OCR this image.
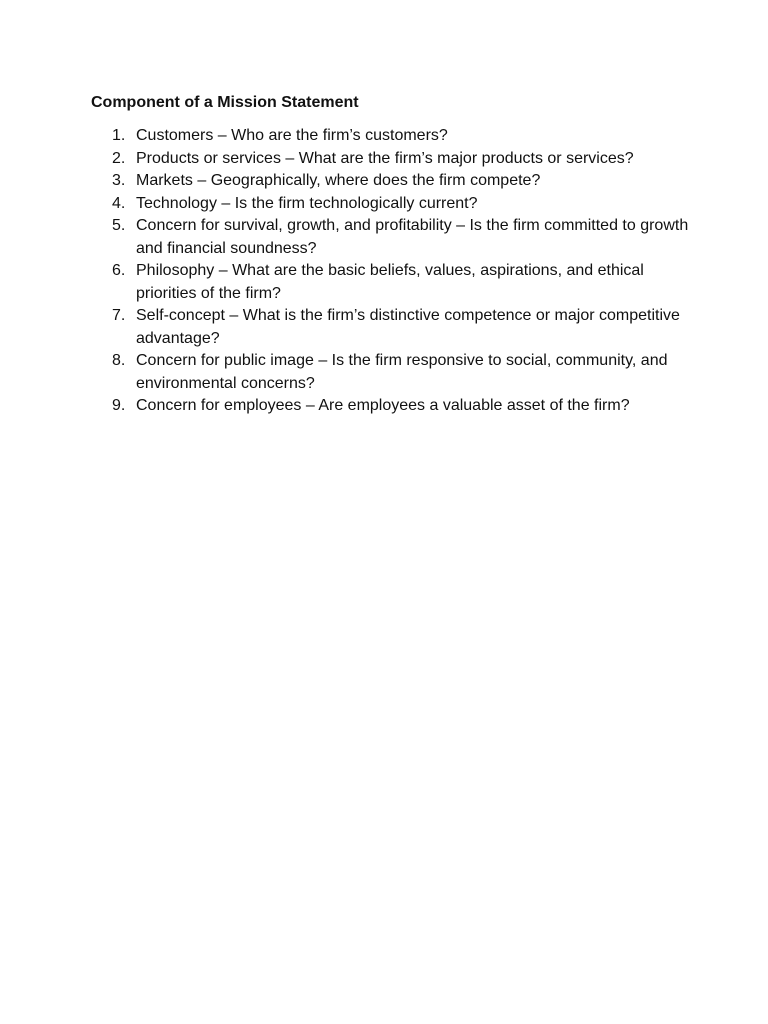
Component of a Mission Statement
1. Customers – Who are the firm’s customers?
2. Products or services – What are the firm’s major products or services?
3. Markets – Geographically, where does the firm compete?
4. Technology – Is the firm technologically current?
5. Concern for survival, growth, and profitability – Is the firm committed to growth and financial soundness?
6. Philosophy – What are the basic beliefs, values, aspirations, and ethical priorities of the firm?
7. Self-concept – What is the firm’s distinctive competence or major competitive advantage?
8. Concern for public image – Is the firm responsive to social, community, and environmental concerns?
9. Concern for employees – Are employees a valuable asset of the firm?
